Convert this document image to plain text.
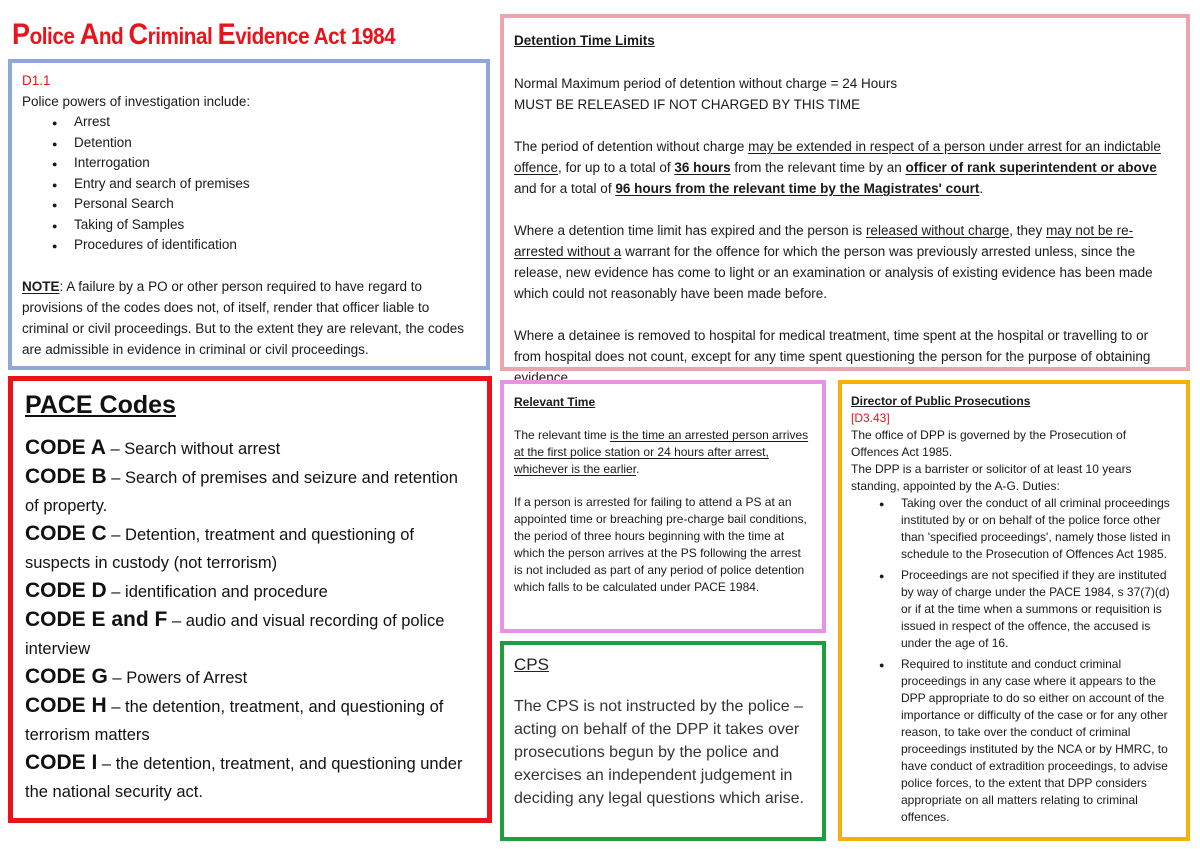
Police And Criminal Evidence Act 1984
D1.1
Police powers of investigation include:
● Arrest
● Detention
● Interrogation
● Entry and search of premises
● Personal Search
● Taking of Samples
● Procedures of identification

NOTE: A failure by a PO or other person required to have regard to provisions of the codes does not, of itself, render that officer liable to criminal or civil proceedings. But to the extent they are relevant, the codes are admissible in evidence in criminal or civil proceedings.

Detention Time Limits

Normal Maximum period of detention without charge = 24 Hours

MUST BE RELEASED IF NOT CHARGED BY THIS TIME

The period of detention without charge may be extended in respect of a person under arrest for an indictable offence, for up to a total of 36 hours from the relevant time by an officer of rank superintendent or above and for a total of 96 hours from the relevant time by the Magistrates' court.

Where a detention time limit has expired and the person is released without charge, they may not be re- arrested without a warrant for the offence for which the person was previously arrested unless, since the release, new evidence has come to light or an examination or analysis of existing evidence has been made which could not reasonably have been made before.

Where a detainee is removed to hospital for medical treatment, time spent at the hospital or travelling to or from hospital does not count, except for any time spent questioning the person for the purpose of obtaining evidence.

PACE Codes
CODE A – Search without arrest
CODE B – Search of premises and seizure and retention of property.
CODE C – Detention, treatment and questioning of suspects in custody (not terrorism)
CODE D – identification and procedure
CODE E and F – audio and visual recording of police interview
CODE G – Powers of Arrest
CODE H – the detention, treatment, and questioning of terrorism matters
CODE I – the detention, treatment, and questioning under the national security act.
Relevant Time

The relevant time is the time an arrested person arrives at the first police station or 24 hours after arrest, whichever is the earlier.

If a person is arrested for failing to attend a PS at an appointed time or breaching pre-charge bail conditions, the period of three hours beginning with the time at which the person arrives at the PS following the arrest is not included as part of any period of police detention which falls to be calculated under PACE 1984.

CPS
The CPS is not instructed by the police – acting on behalf of the DPP it takes over prosecutions begun by the police and exercises an independent judgement in deciding any legal questions which arise.
Director of Public Prosecutions
[D3.43]

The office of DPP is governed by the Prosecution of Offences Act 1985.

The DPP is a barrister or solicitor of at least 10 years standing, appointed by the A-G. Duties:

● Taking over the conduct of all criminal proceedings instituted by or on behalf of the police force other than 'specified proceedings', namely those listed in schedule to the Prosecution of Offences Act 1985.
● Proceedings are not specified if they are instituted by way of charge under the PACE 1984, s 37(7)(d) or if at the time when a summons or requisition is issued in respect of the offence, the accused is under the age of 16.
● Required to institute and conduct criminal proceedings in any case where it appears to the DPP appropriate to do so either on account of the importance or difficulty of the case or for any other reason, to take over the conduct of criminal proceedings instituted by the NCA or by HMRC, to have conduct of extradition proceedings, to advise police forces, to the extent that DPP considers appropriate on all matters relating to criminal offences.
